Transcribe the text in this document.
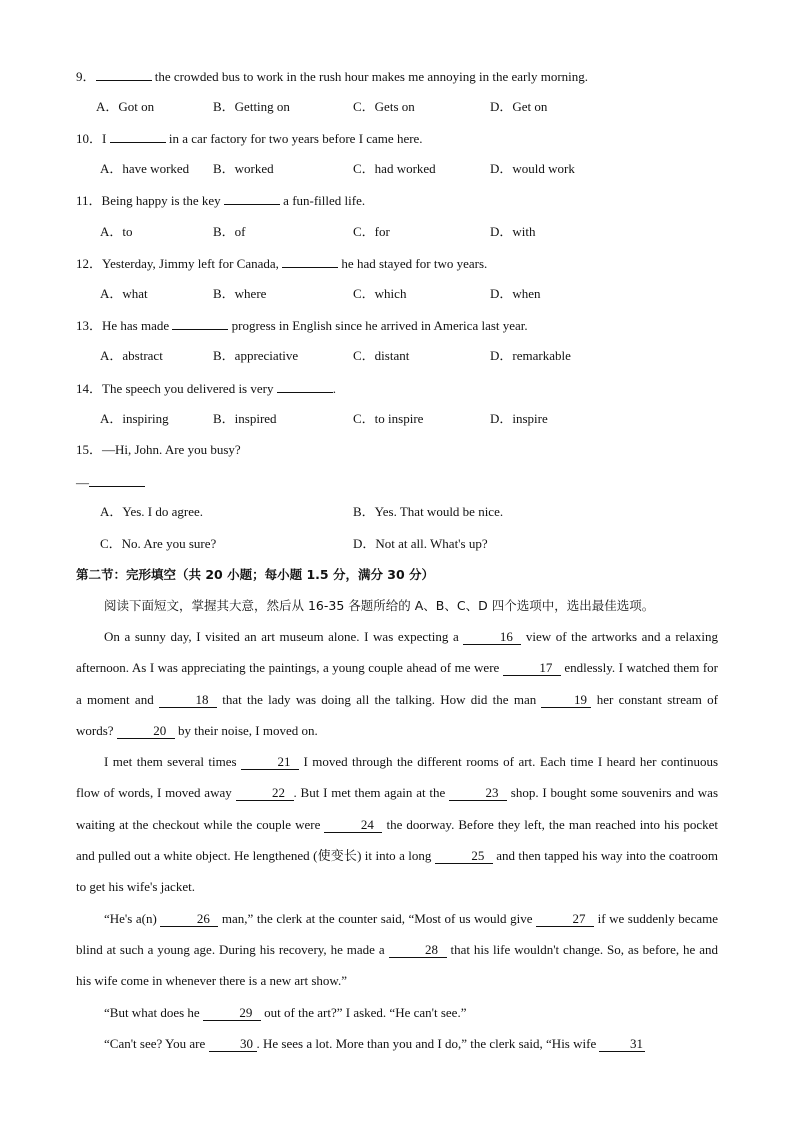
9．	the crowded bus to work in the rush hour makes me annoying in the early morning.
A．Got on	B．Getting on	C．Gets on	D．Get on
10．I	in a car factory for two years before I came here.
A．have worked B．worked	C．had worked	D．would work
11．Being happy is the key	a fun-filled life.
A．to	B．of	C．for	D．with
12．Yesterday, Jimmy left for Canada,	he had stayed for two years.
A．what	B．where	C．which	D．when
13．He has made	progress in English since he arrived in America last year.
A．abstract	B．appreciative	C．distant	D．remarkable
14．The speech you delivered is very	.
A．inspiring	B．inspired	C．to inspire	D．inspire
15．—Hi, John. Are you busy?
—
A．Yes. I do agree.	B．Yes. That would be nice.
C．No. Are you sure?	D．Not at all. What's up?
第二节：完形填空（共 20 小题；每小题 1.5 分，满分 30 分）
阅读下面短文，掌握其大意，然后从 16-35 各题所给的 A、B、C、D 四个选项中，选出最佳选项。

On a sunny day, I visited an art museum alone. I was expecting a	16 view of the artworks and a relaxing afternoon. As I was appreciating the paintings, a young couple ahead of me were	17 endlessly. I watched them for a moment and	18 that the lady was doing all the talking. How did the man	19 her constant stream of words?	20 by their noise, I moved on.

I met them several times	21 I moved through the different rooms of art. Each time I heard her continuous flow of words, I moved away	22 . But I met them again at the	23 shop. I bought some souvenirs and was waiting at the checkout while the couple were	24 the doorway. Before they left, the man reached into his pocket and pulled out a white object. He lengthened (使变长) it into a long	25 and then tapped his way into the coatroom to get his wife's jacket.

“He's a(n)	26 man,” the clerk at the counter said, “Most of us would give	27 if we suddenly became blind at such a young age. During his recovery, he made a	28 that his life wouldn't change. So, as before, he and his wife come in whenever there is a new art show.”

“But what does he	29 out of the art?” I asked. “He can't see.”

“Can't see? You are 30 . He sees a lot. More than you and I do,” the clerk said, “His wife 31
